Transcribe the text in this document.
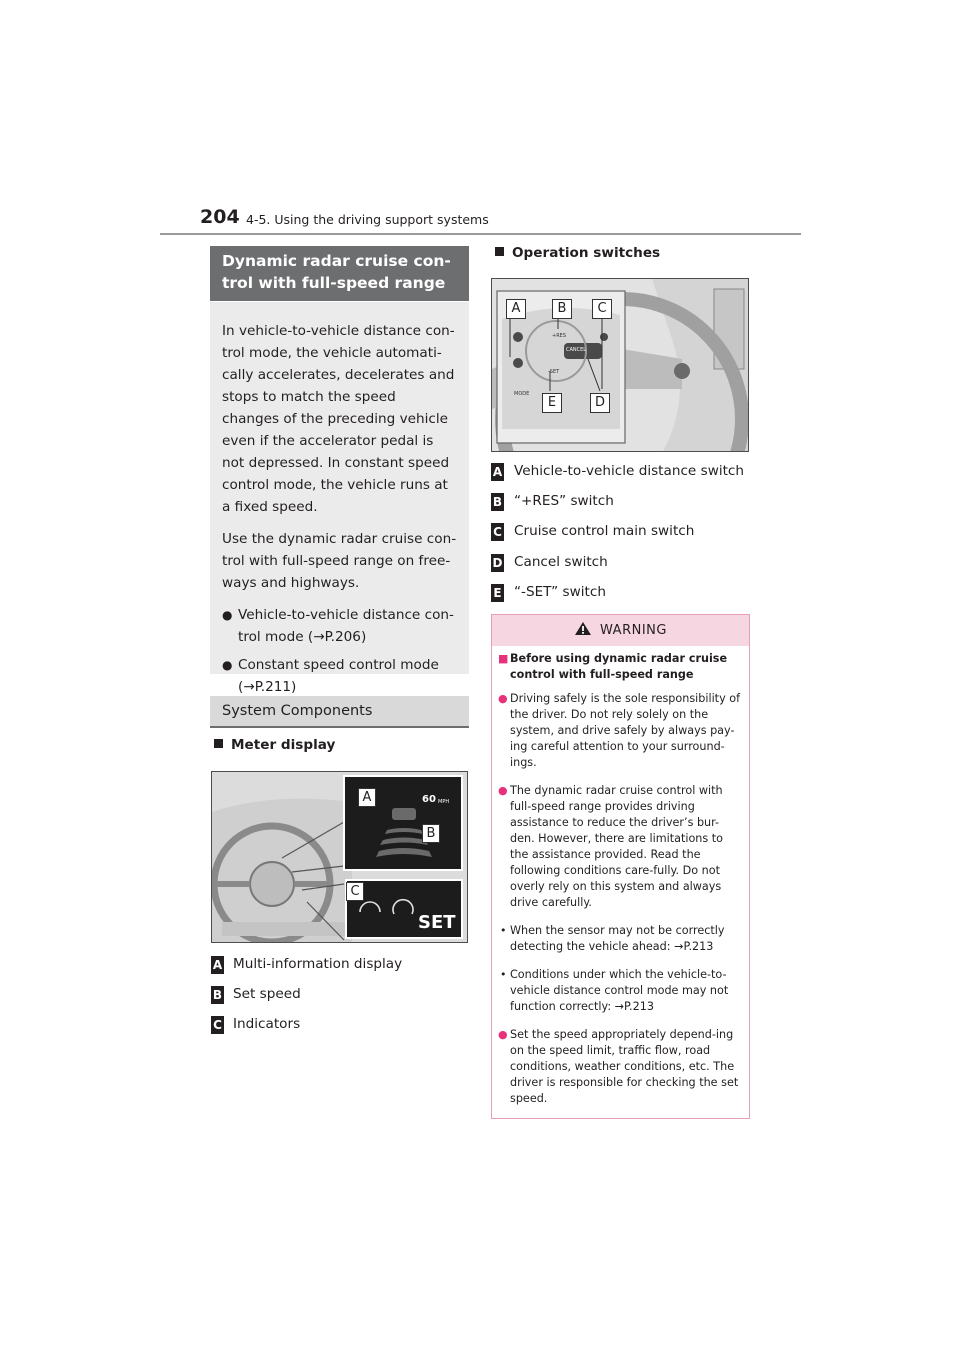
204 4-5. Using the driving support systems
Dynamic radar cruise con-
trol with full-speed range

In vehicle-to-vehicle distance con-trol mode, the vehicle automati-cally accelerates, decelerates and stops to match the speed changes of the preceding vehicle even if the accelerator pedal is not depressed. In constant speed control mode, the vehicle runs at a fixed speed.

Use the dynamic radar cruise con-trol with full-speed range on free-ways and highways.

● Vehicle-to-vehicle distance con-trol mode (→P.206)
● Constant speed control mode (→P.211)
System Components
Meter display
A
B
C
60 MPH
SET
A Multi-information display
B Set speed
C Indicators
Operation switches
A	B	C
E	D
CANCEL
+RES
-SET
MODE
A Vehicle-to-vehicle distance switch
B “+RES” switch
C Cruise control main switch
D Cancel switch
E “-SET” switch
WARNING
■ Before using dynamic radar cruise control with full-speed range
● Driving safely is the sole responsibility of the driver. Do not rely solely on the system, and drive safely by always pay-ing careful attention to your surround-ings.
● The dynamic radar cruise control with full-speed range provides driving assistance to reduce the driver’s bur-den. However, there are limitations to the assistance provided. Read the following conditions care-fully. Do not overly rely on this system and always drive carefully.
• When the sensor may not be correctly detecting the vehicle ahead: →P.213
• Conditions under which the vehicle-to-vehicle distance control mode may not function correctly: →P.213
● Set the speed appropriately depend-ing on the speed limit, traffic flow, road conditions, weather conditions, etc. The driver is responsible for checking the set speed.
